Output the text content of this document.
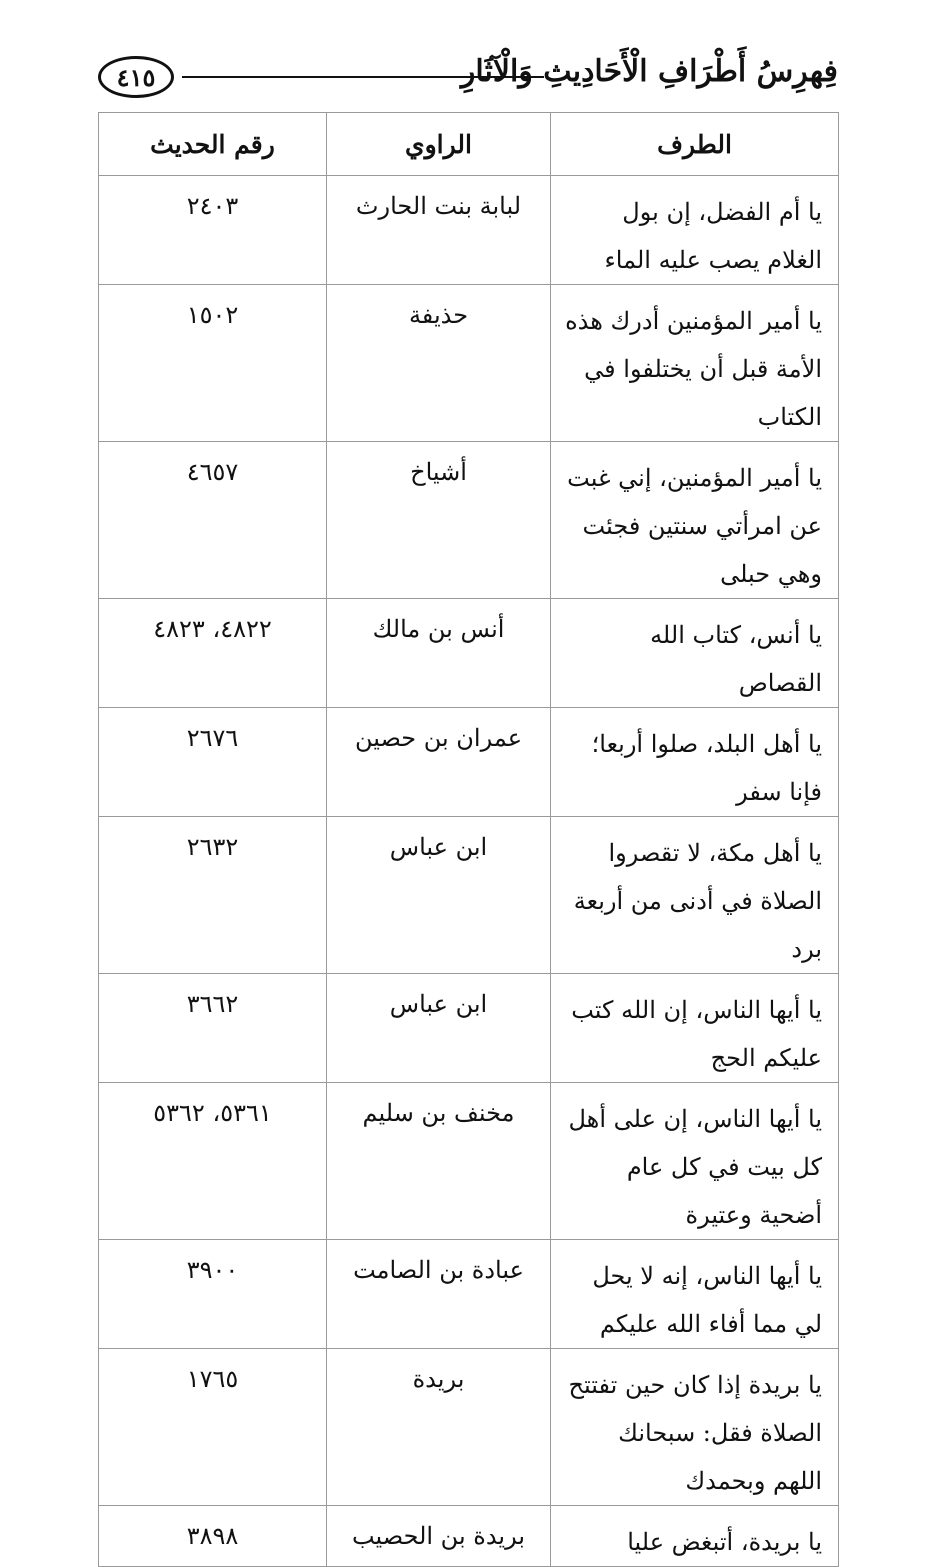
فِهرِسُ أَطْرَافِ الْأَحَادِيثِ وَالْآثَارِ
٤١٥
الطرف	الراوي	رقم الحديث
يا أم الفضل، إن بول الغلام يصب عليه الماء	لبابة بنت الحارث	٢٤٠٣
يا أمير المؤمنين أدرك هذه الأمة قبل أن يختلفوا في الكتاب	حذيفة	١٥٠٢
يا أمير المؤمنين، إني غبت عن امرأتي سنتين فجئت وهي حبلى	أشياخ	٤٦٥٧
يا أنس، كتاب الله القصاص	أنس بن مالك	٤٨٢٢، ٤٨٢٣
يا أهل البلد، صلوا أربعا؛ فإنا سفر	عمران بن حصين	٢٦٧٦
يا أهل مكة، لا تقصروا الصلاة في أدنى من أربعة برد	ابن عباس	٢٦٣٢
يا أيها الناس، إن الله كتب عليكم الحج	ابن عباس	٣٦٦٢
يا أيها الناس، إن على أهل كل بيت في كل عام أضحية وعتيرة	مخنف بن سليم	٥٣٦١، ٥٣٦٢
يا أيها الناس، إنه لا يحل لي مما أفاء الله عليكم	عبادة بن الصامت	٣٩٠٠
يا بريدة إذا كان حين تفتتح الصلاة فقل: سبحانك اللهم وبحمدك	بريدة	١٧٦٥
يا بريدة، أتبغض عليا	بريدة بن الحصيب	٣٨٩٨
